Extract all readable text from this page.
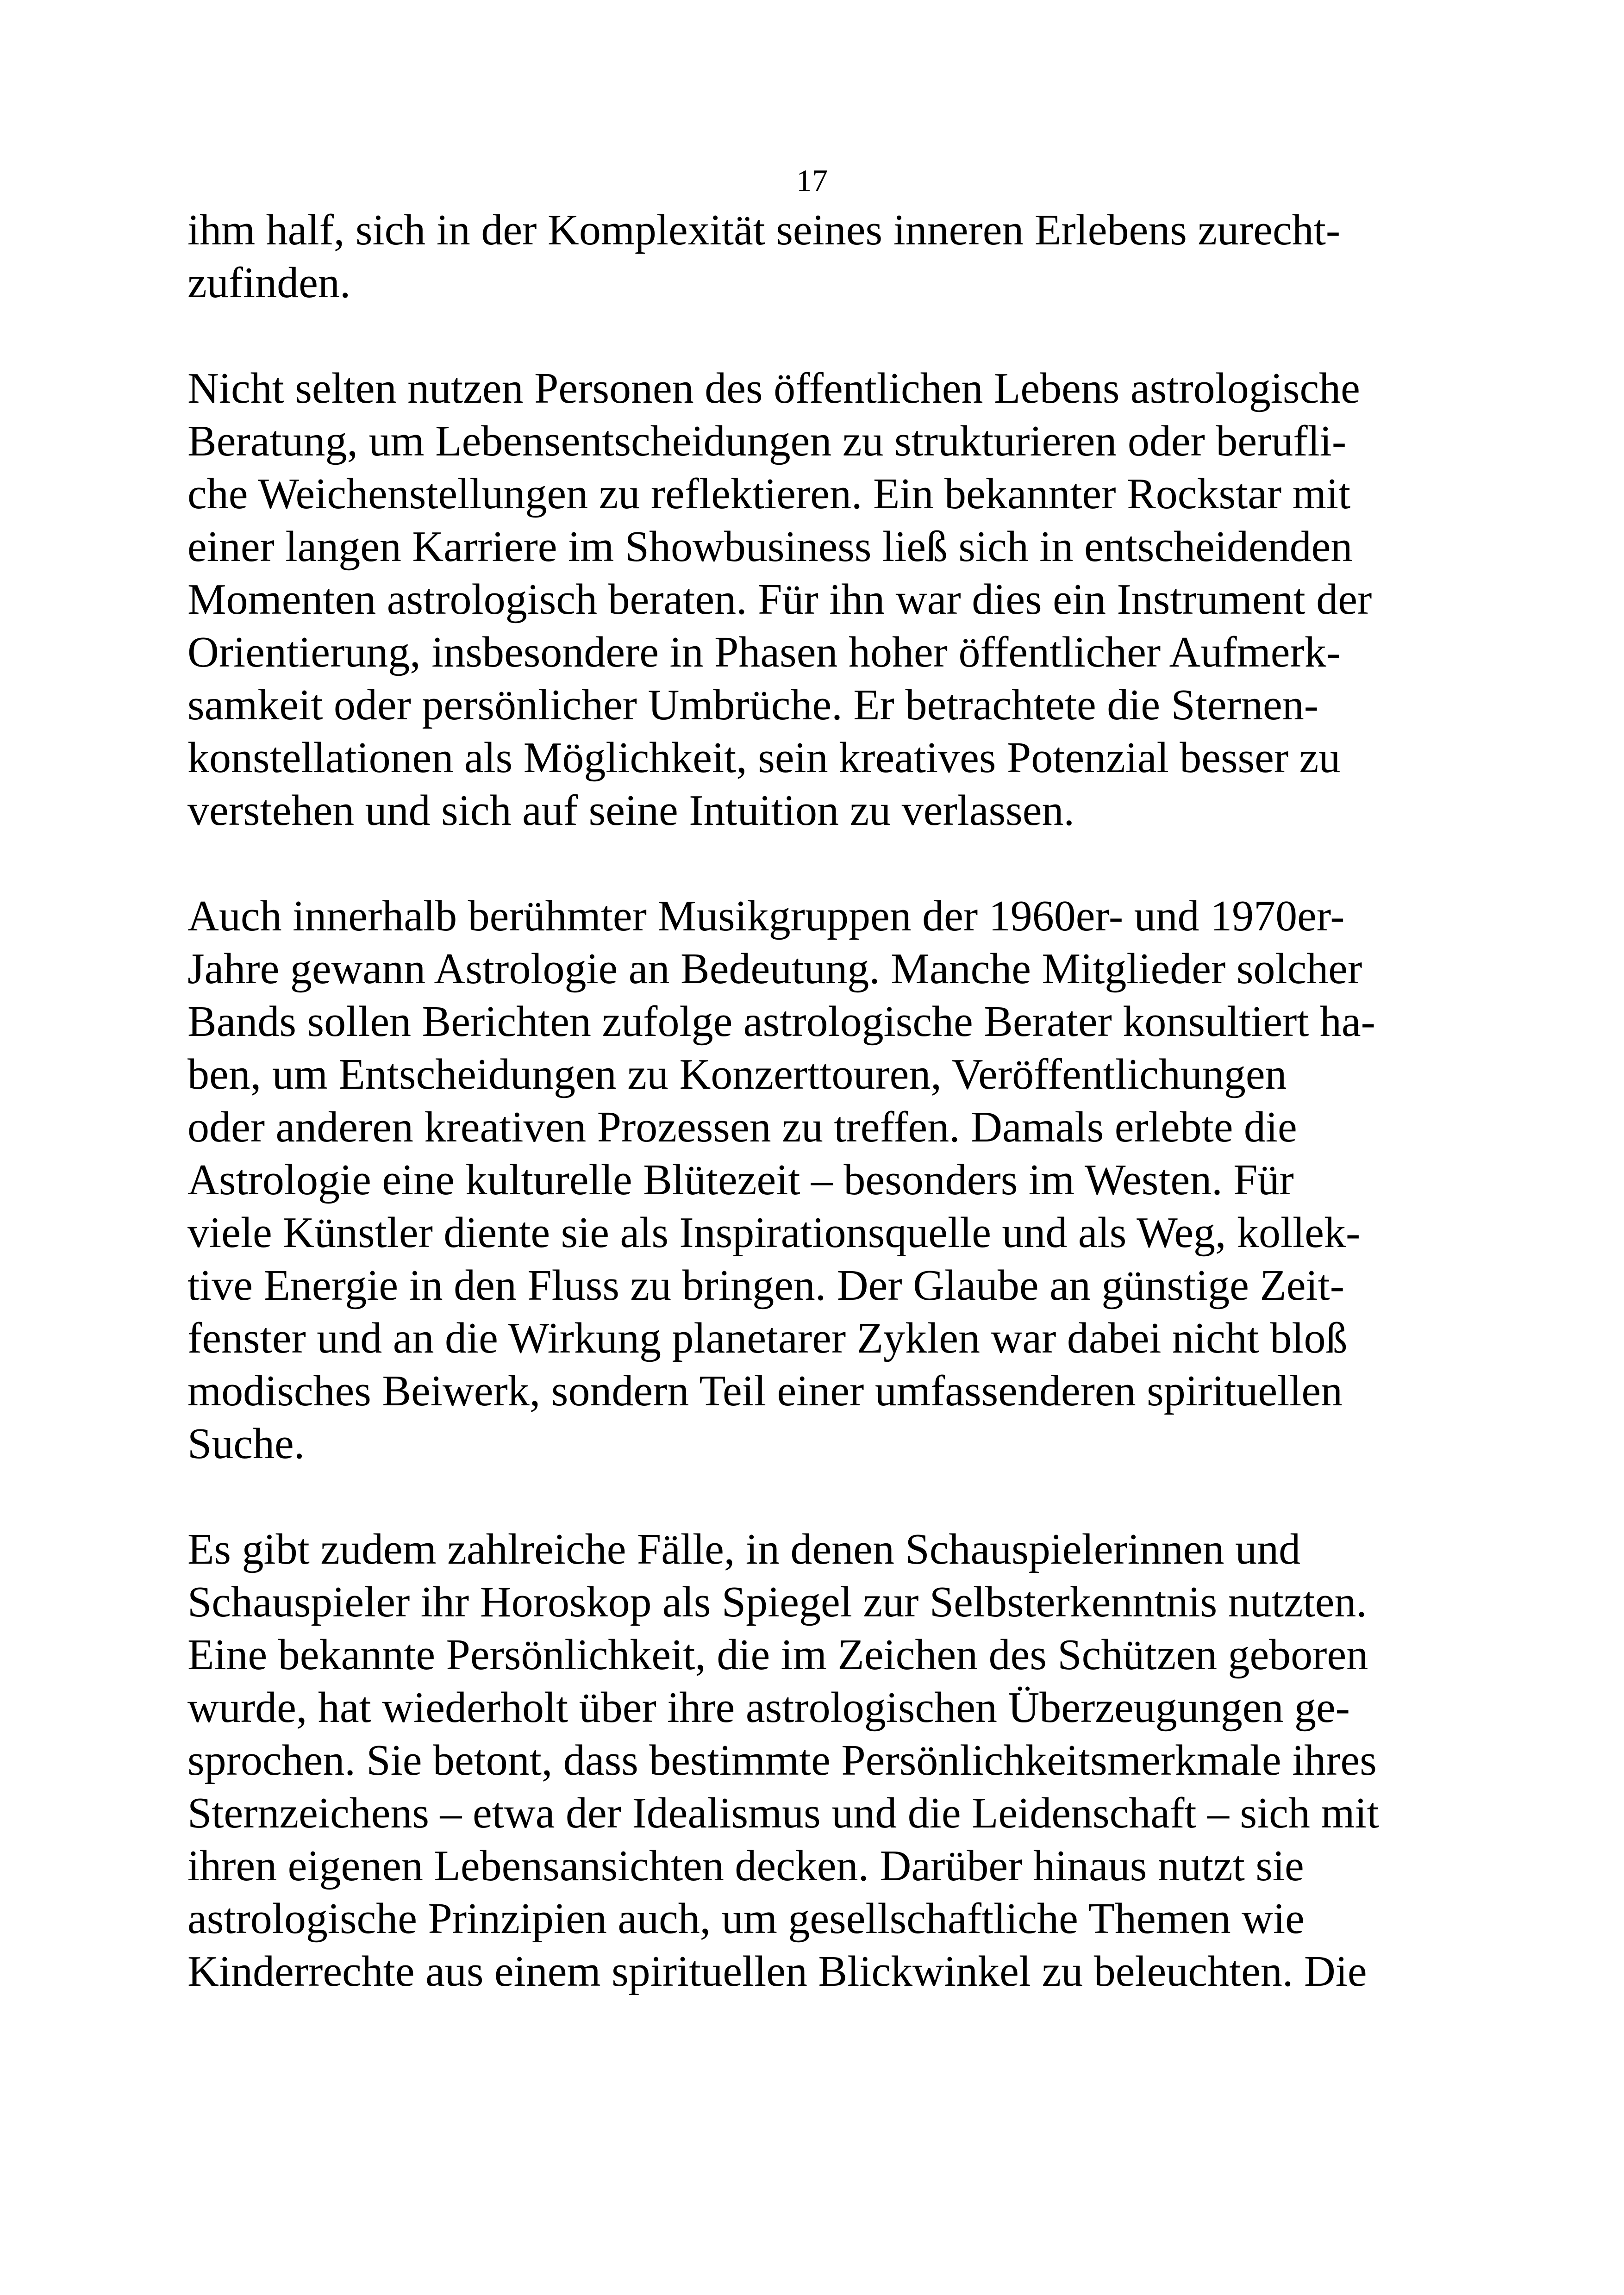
17

ihm half, sich in der Komplexität seines inneren Erlebens zurecht-
zufinden.

Nicht selten nutzen Personen des öffentlichen Lebens astrologische
Beratung, um Lebensentscheidungen zu strukturieren oder berufli-
che Weichenstellungen zu reflektieren. Ein bekannter Rockstar mit
einer langen Karriere im Showbusiness ließ sich in entscheidenden
Momenten astrologisch beraten. Für ihn war dies ein Instrument der
Orientierung, insbesondere in Phasen hoher öffentlicher Aufmerk-
samkeit oder persönlicher Umbrüche. Er betrachtete die Sternen-
konstellationen als Möglichkeit, sein kreatives Potenzial besser zu
verstehen und sich auf seine Intuition zu verlassen.

Auch innerhalb berühmter Musikgruppen der 1960er- und 1970er-
Jahre gewann Astrologie an Bedeutung. Manche Mitglieder solcher
Bands sollen Berichten zufolge astrologische Berater konsultiert ha-
ben, um Entscheidungen zu Konzerttouren, Veröffentlichungen
oder anderen kreativen Prozessen zu treffen. Damals erlebte die
Astrologie eine kulturelle Blütezeit – besonders im Westen. Für
viele Künstler diente sie als Inspirationsquelle und als Weg, kollek-
tive Energie in den Fluss zu bringen. Der Glaube an günstige Zeit-
fenster und an die Wirkung planetarer Zyklen war dabei nicht bloß
modisches Beiwerk, sondern Teil einer umfassenderen spirituellen
Suche.

Es gibt zudem zahlreiche Fälle, in denen Schauspielerinnen und
Schauspieler ihr Horoskop als Spiegel zur Selbsterkenntnis nutzten.
Eine bekannte Persönlichkeit, die im Zeichen des Schützen geboren
wurde, hat wiederholt über ihre astrologischen Überzeugungen ge-
sprochen. Sie betont, dass bestimmte Persönlichkeitsmerkmale ihres
Sternzeichens – etwa der Idealismus und die Leidenschaft – sich mit
ihren eigenen Lebensansichten decken. Darüber hinaus nutzt sie
astrologische Prinzipien auch, um gesellschaftliche Themen wie
Kinderrechte aus einem spirituellen Blickwinkel zu beleuchten. Die
